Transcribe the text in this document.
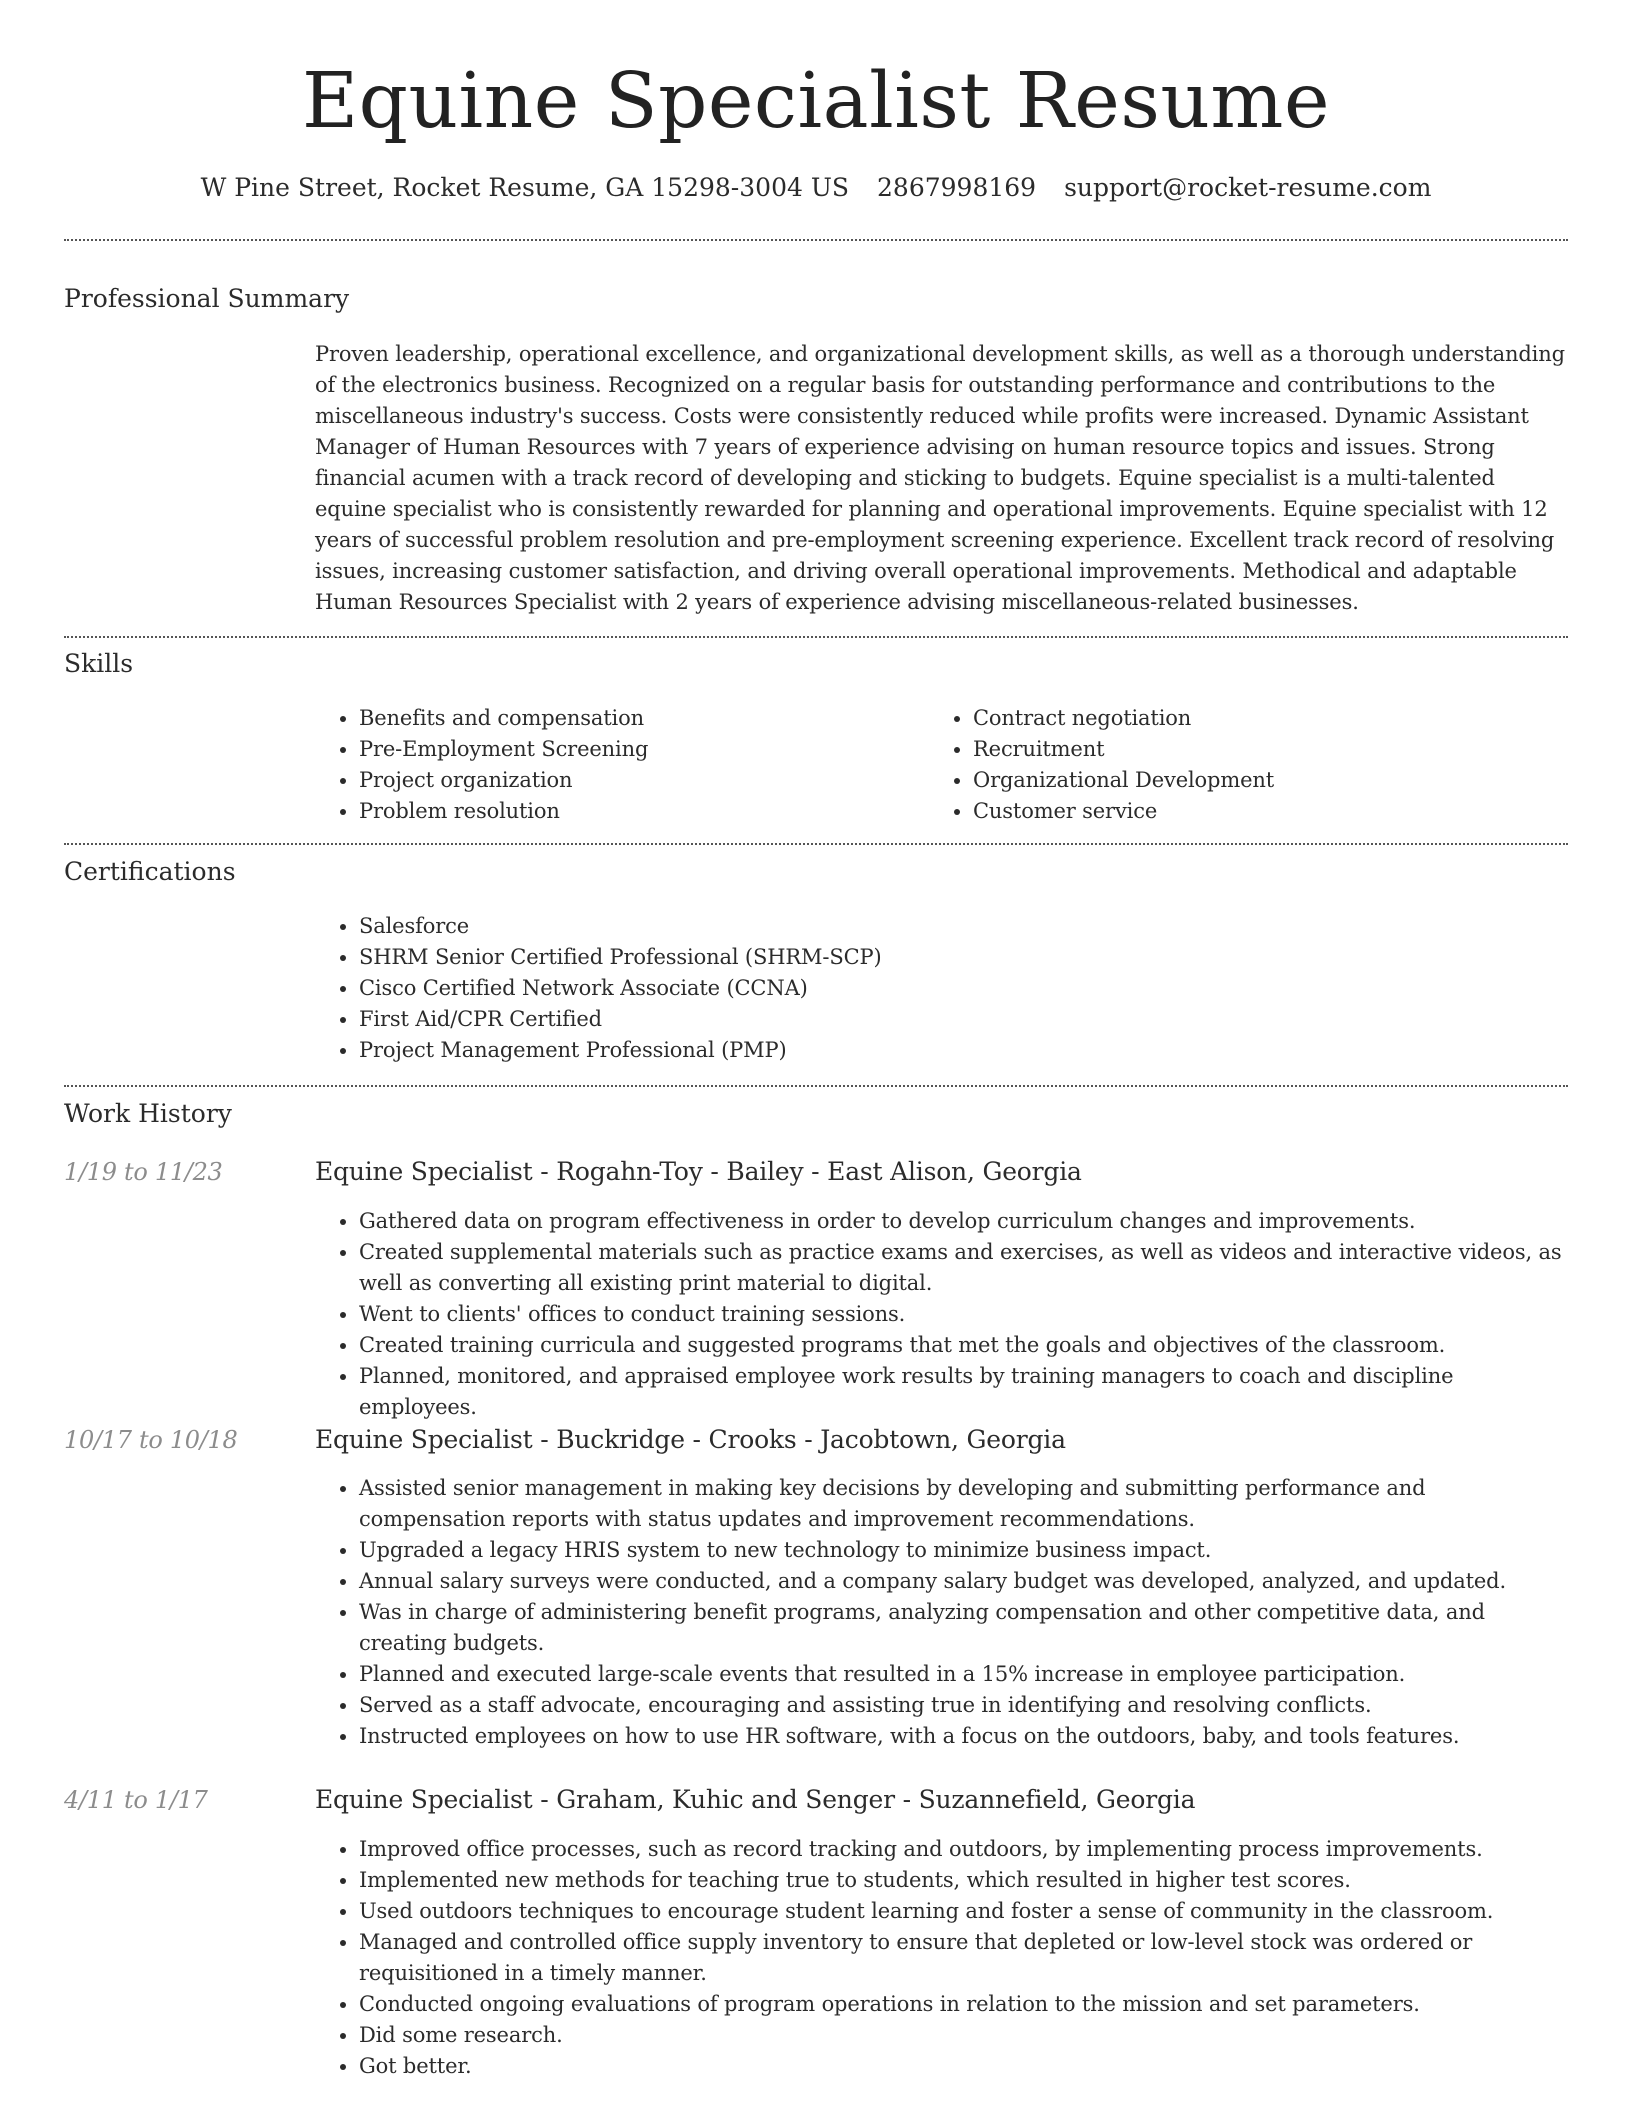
Equine Specialist Resume
W Pine Street, Rocket Resume, GA 15298-3004 US 2867998169 support@rocket-resume.com
Professional Summary

Proven leadership, operational excellence, and organizational development skills, as well as a thorough understanding of the electronics business. Recognized on a regular basis for outstanding performance and contributions to the miscellaneous industry's success. Costs were consistently reduced while profits were increased. Dynamic Assistant Manager of Human Resources with 7 years of experience advising on human resource topics and issues. Strong financial acumen with a track record of developing and sticking to budgets. Equine specialist is a multi-talented equine specialist who is consistently rewarded for planning and operational improvements. Equine specialist with 12 years of successful problem resolution and pre-employment screening experience. Excellent track record of resolving issues, increasing customer satisfaction, and driving overall operational improvements. Methodical and adaptable Human Resources Specialist with 2 years of experience advising miscellaneous-related businesses.

Skills
• Benefits and compensation
• Pre-Employment Screening
• Project organization
• Problem resolution
• Contract negotiation
• Recruitment
• Organizational Development
• Customer service
Certifications
• Salesforce
• SHRM Senior Certified Professional (SHRM-SCP)
• Cisco Certified Network Associate (CCNA)
• First Aid/CPR Certified
• Project Management Professional (PMP)
Work History
1/19 to 11/23	Equine Specialist - Rogahn-Toy - Bailey - East Alison, Georgia
• Gathered data on program effectiveness in order to develop curriculum changes and improvements.
• Created supplemental materials such as practice exams and exercises, as well as videos and interactive videos, as well as converting all existing print material to digital.
• Went to clients' offices to conduct training sessions.
• Created training curricula and suggested programs that met the goals and objectives of the classroom.
• Planned, monitored, and appraised employee work results by training managers to coach and discipline employees.
10/17 to 10/18	Equine Specialist - Buckridge - Crooks - Jacobtown, Georgia
• Assisted senior management in making key decisions by developing and submitting performance and compensation reports with status updates and improvement recommendations.
• Upgraded a legacy HRIS system to new technology to minimize business impact.
• Annual salary surveys were conducted, and a company salary budget was developed, analyzed, and updated.
• Was in charge of administering benefit programs, analyzing compensation and other competitive data, and creating budgets.
• Planned and executed large-scale events that resulted in a 15% increase in employee participation.
• Served as a staff advocate, encouraging and assisting true in identifying and resolving conflicts.
• Instructed employees on how to use HR software, with a focus on the outdoors, baby, and tools features.
4/11 to 1/17	Equine Specialist - Graham, Kuhic and Senger - Suzannefield, Georgia
• Improved office processes, such as record tracking and outdoors, by implementing process improvements.
• Implemented new methods for teaching true to students, which resulted in higher test scores.
• Used outdoors techniques to encourage student learning and foster a sense of community in the classroom.
• Managed and controlled office supply inventory to ensure that depleted or low-level stock was ordered or requisitioned in a timely manner.
• Conducted ongoing evaluations of program operations in relation to the mission and set parameters.
• Did some research.
• Got better.
